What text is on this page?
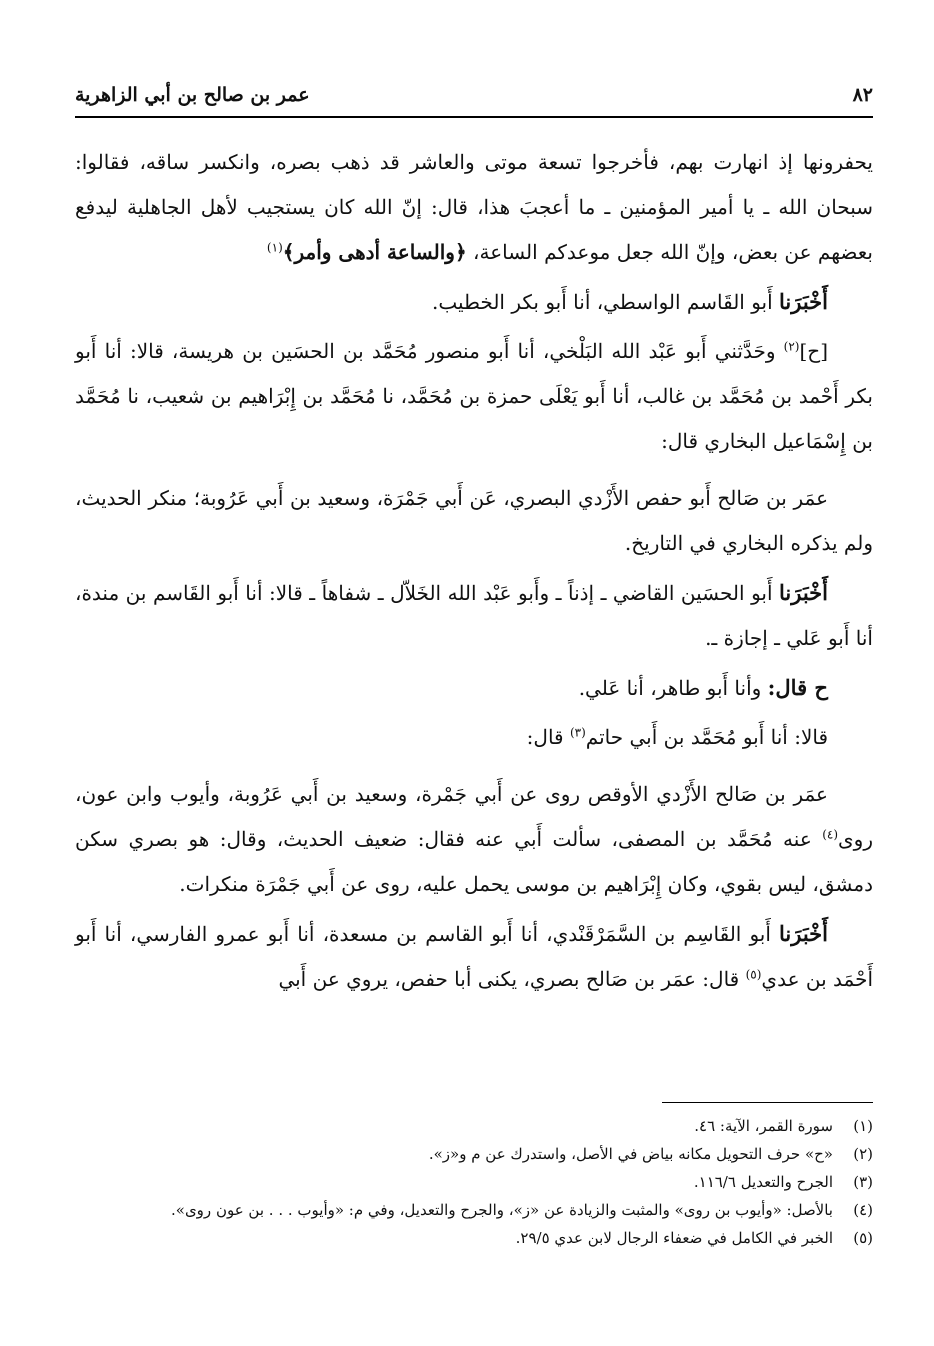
٨٢
عمر بن صالح بن أبي الزاهرية

يحفرونها إذ انهارت بهم، فأخرجوا تسعة موتى والعاشر قد ذهب بصره، وانكسر ساقه، فقالوا: سبحان الله ـ يا أمير المؤمنين ـ ما أعجبَ هذا، قال: إنّ الله كان يستجيب لأهل الجاهلية ليدفع بعضهم عن بعض، وإنّ الله جعل موعدكم الساعة، ﴿والساعة أدهى وأمر﴾$^{(١)}$

أَخْبَرَنا أَبو القَاسم الواسطي، أنا أَبو بكر الخطيب.

[ح]$^{(٢)}$ وحَدَّثني أَبو عَبْد الله البَلْخي، أنا أَبو منصور مُحَمَّد بن الحسَين بن هريسة، قالا: أنا أَبو بكر أَحْمد بن مُحَمَّد بن غالب، أنا أَبو يَعْلَى حمزة بن مُحَمَّد، نا مُحَمَّد بن إِبْرَاهيم بن شعيب، نا مُحَمَّد بن إِسْمَاعيل البخاري قال:

عمَر بن صَالح أَبو حفص الأَزْدي البصري، عَن أَبي جَمْرَة، وسعيد بن أَبي عَرُوبة؛ منكر الحديث، ولم يذكره البخاري في التاريخ.

أَخْبَرَنا أَبو الحسَين القاضي ـ إذناً ـ وأَبو عَبْد الله الخَلاّل ـ شفاهاً ـ قالا: أنا أَبو القَاسم بن مندة، أنا أَبو عَلي ـ إجازة ـ.

ح قال: وأنا أَبو طاهر، أنا عَلي.

قالا: أنا أَبو مُحَمَّد بن أَبي حاتم$^{(٣)}$ قال:

عمَر بن صَالح الأَزْدي الأوقص روى عن أَبي جَمْرة، وسعيد بن أَبي عَرُوبة، وأيوب وابن عون، روى$^{(٤)}$ عنه مُحَمَّد بن المصفى، سألت أَبي عنه فقال: ضعيف الحديث، وقال: هو بصري سكن دمشق، ليس بقوي، وكان إِبْرَاهيم بن موسى يحمل عليه، روى عن أَبي جَمْرَة منكرات.

أَخْبَرَنا أَبو القَاسِم بن السَّمَرْقَنْدي، أنا أَبو القاسم بن مسعدة، أنا أَبو عمرو الفارسي، أنا أَبو أَحْمَد بن عدي$^{(٥)}$ قال: عمَر بن صَالح بصري، يكنى أبا حفص، يروي عن أَبي

(١)سورة القمر، الآية: ٤٦.

(٢)«ح» حرف التحويل مكانه بياض في الأصل، واستدرك عن م و«ز».

(٣)الجرح والتعديل ١١٦/٦.

(٤)بالأصل: «وأيوب بن روى» والمثبت والزيادة عن «ز»، والجرح والتعديل، وفي م: «وأيوب . . . بن عون روى».

(٥)الخبر في الكامل في ضعفاء الرجال لابن عدي ٢٩/٥.
